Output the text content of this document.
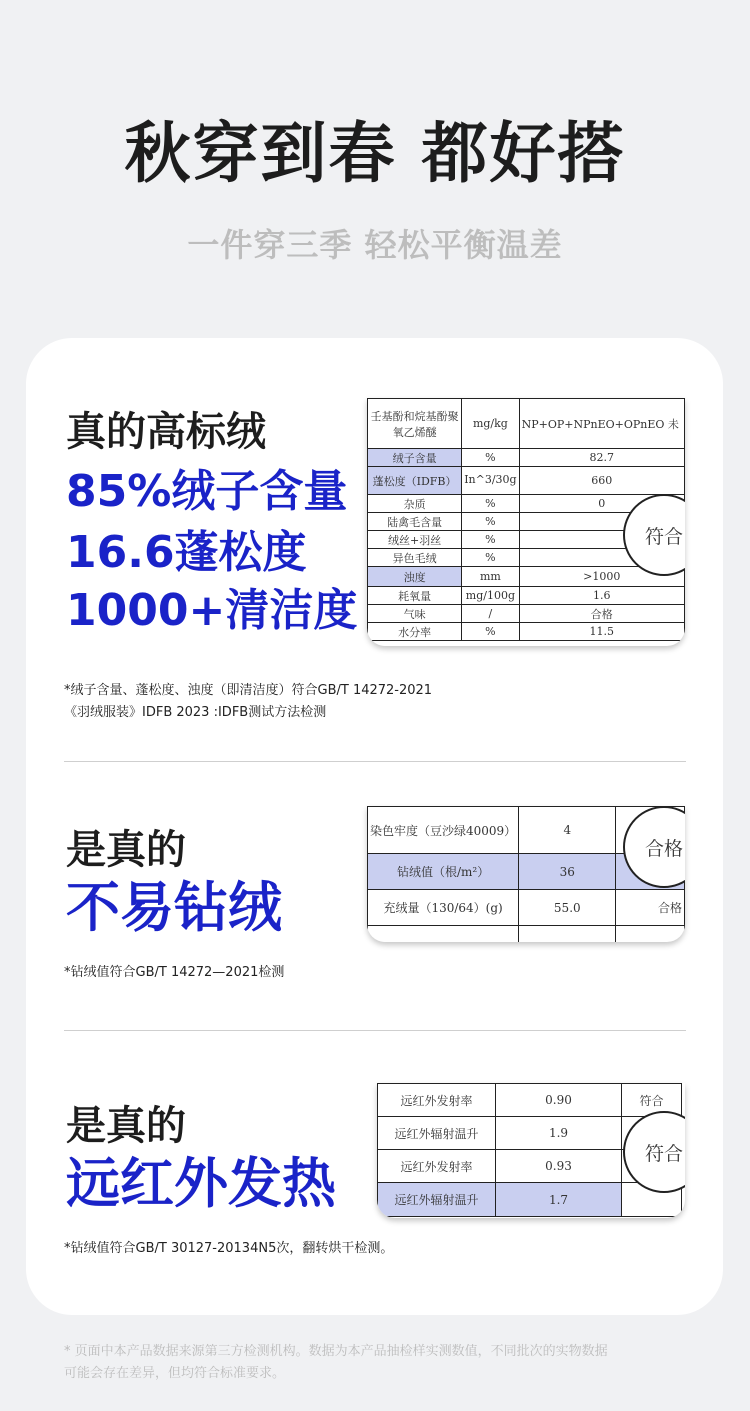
秋穿到春 都好搭
一件穿三季 轻松平衡温差
真的高标绒
85%绒子含量
16.6蓬松度
1000+清洁度
壬基酚和烷基酚聚氧乙烯醚	mg/kg	NP+OP+NPnEO+OPnEO 未
绒子含量	%	82.7
蓬松度（IDFB）	In^3/30g	660
杂质	%	0
陆禽毛含量	%	
绒丝+羽丝	%	
异色毛绒	%	
浊度	mm	>1000
耗氧量	mg/100g	1.6
气味	/	合格
水分率	%	11.5
符合
*绒子含量、蓬松度、浊度（即清洁度）符合GB/T 14272-2021
《羽绒服装》IDFB 2023 :IDFB测试方法检测
是真的
不易钻绒
染色牢度（豆沙绿40009）	4	
钻绒值（根/m²）	36	
充绒量（130/64）(g)	55.0	合格

合格
*钻绒值符合GB/T 14272—2021检测
是真的
远红外发热
远红外发射率	0.90	符合
远红外辐射温升	1.9	
远红外发射率	0.93	
远红外辐射温升	1.7	
符合
*钻绒值符合GB/T 30127-20134N5次，翻转烘干检测。
* 页面中本产品数据来源第三方检测机构。数据为本产品抽检样实测数值，不同批次的实物数据
可能会存在差异，但均符合标准要求。
